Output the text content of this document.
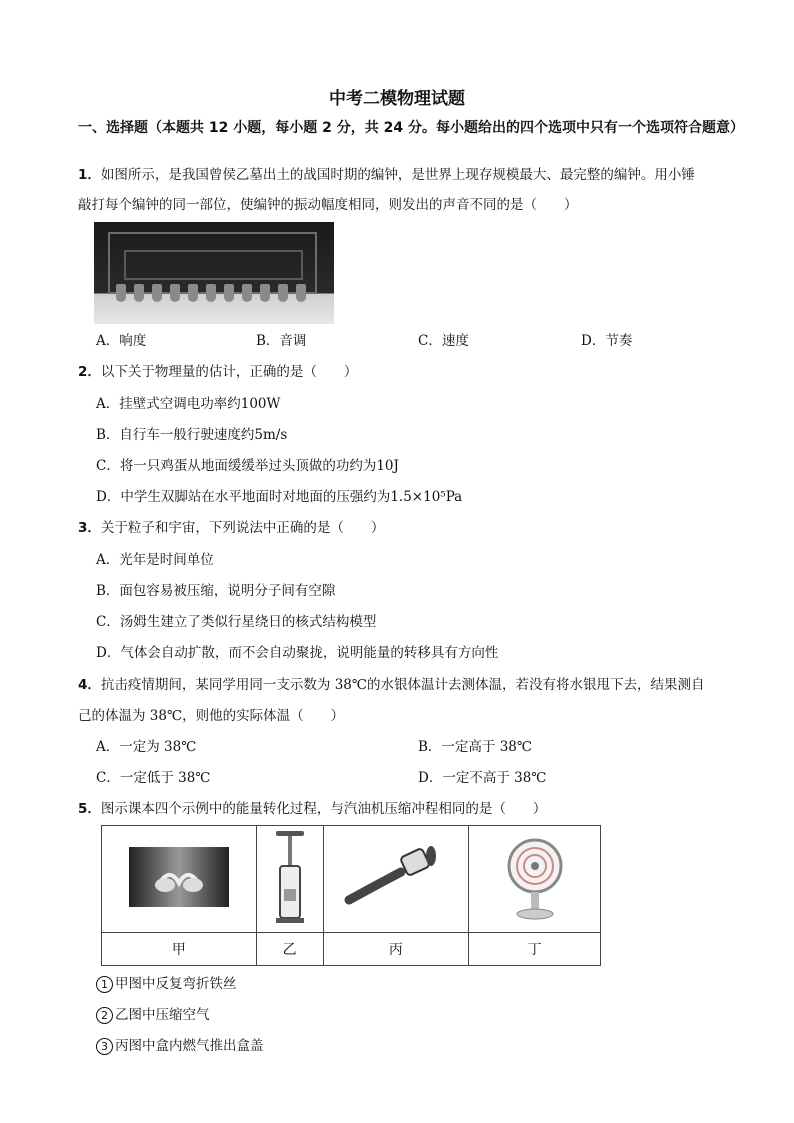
中考二模物理试题
一、选择题（本题共 12 小题，每小题 2 分，共 24 分。每小题给出的四个选项中只有一个选项符合题意）
1．如图所示，是我国曾侯乙墓出土的战国时期的编钟，是世界上现存规模最大、最完整的编钟。用小锤
敲打每个编钟的同一部位，使编钟的振动幅度相同，则发出的声音不同的是（　　）
A．响度	B．音调	C．速度	D．节奏
2．以下关于物理量的估计，正确的是（　　）
A．挂壁式空调电功率约100W
B．自行车一般行驶速度约5m/s
C．将一只鸡蛋从地面缓缓举过头顶做的功约为10J
D．中学生双脚站在水平地面时对地面的压强约为1.5×10⁵Pa
3．关于粒子和宇宙，下列说法中正确的是（　　）
A．光年是时间单位
B．面包容易被压缩，说明分子间有空隙
C．汤姆生建立了类似行星绕日的核式结构模型
D．气体会自动扩散，而不会自动聚拢，说明能量的转移具有方向性
4．抗击疫情期间，某同学用同一支示数为 38℃的水银体温计去测体温，若没有将水银甩下去，结果测自
己的体温为 38℃，则他的实际体温（　　）
A．一定为 38℃	B．一定高于 38℃
C．一定低于 38℃	D．一定不高于 38℃
5．图示课本四个示例中的能量转化过程，与汽油机压缩冲程相同的是（　　）

甲	乙	丙	丁
1 甲图中反复弯折铁丝
2 乙图中压缩空气
3 丙图中盒内燃气推出盒盖
